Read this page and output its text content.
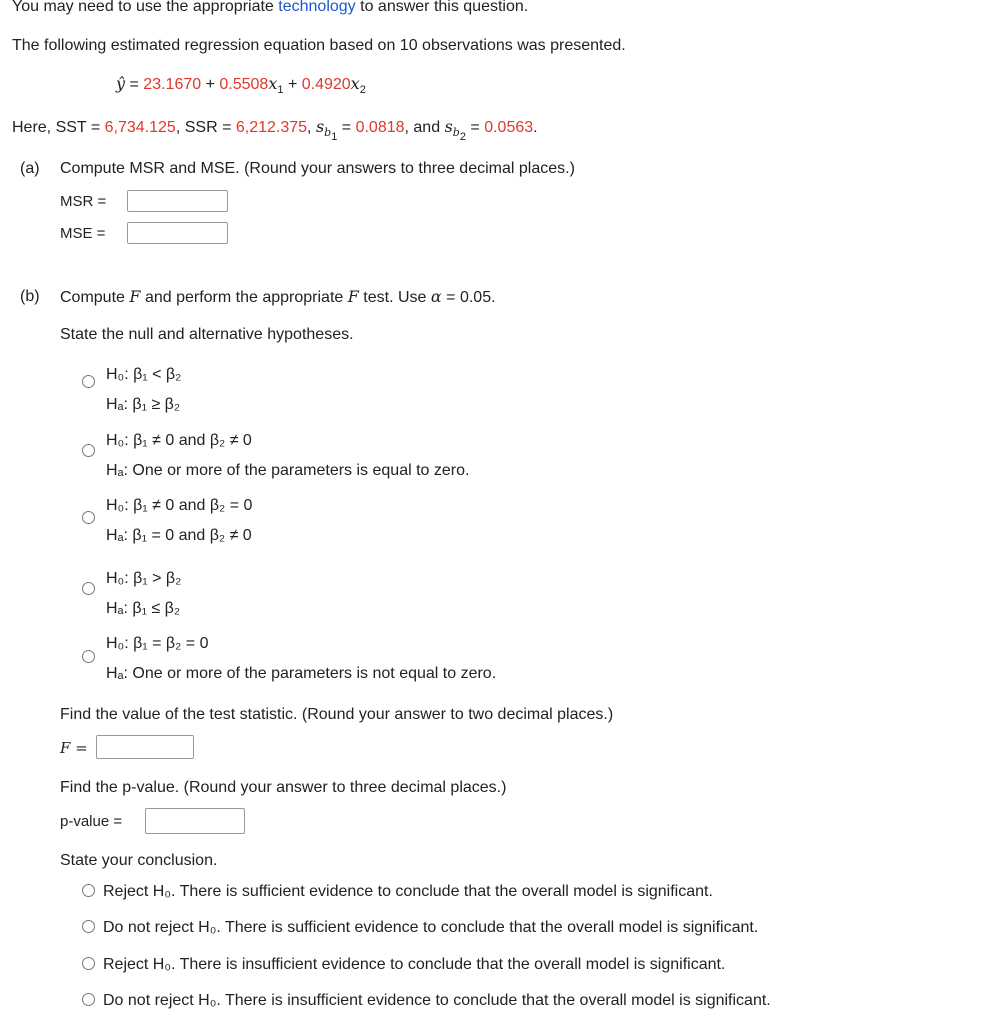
You may need to use the appropriate technology to answer this question.
The following estimated regression equation based on 10 observations was presented.
ŷ = $23.1670 + 0.5508x_1 + 0.4920x_2$
Here, SST = 6,734.125, SSR = 6,212.375, $s_{b_1} = 0.0818$, and $s_{b_2} = 0.0563$.
(a) Compute MSR and MSE. (Round your answers to three decimal places.)
MSR =
MSE =
(b) Compute F and perform the appropriate F test. Use α = 0.05.
State the null and alternative hypotheses.
H₀: β₁ < β₂
Hₐ: β₁ ≥ β₂
H₀: β₁ ≠ 0 and β₂ ≠ 0
Hₐ: One or more of the parameters is equal to zero.
H₀: β₁ ≠ 0 and β₂ = 0
Hₐ: β₁ = 0 and β₂ ≠ 0
H₀: β₁ > β₂
Hₐ: β₁ ≤ β₂
H₀: β₁ = β₂ = 0
Hₐ: One or more of the parameters is not equal to zero.
Find the value of the test statistic. (Round your answer to two decimal places.)
F =
Find the p-value. (Round your answer to three decimal places.)
p-value =
State your conclusion.
Reject H₀. There is sufficient evidence to conclude that the overall model is significant.
Do not reject H₀. There is sufficient evidence to conclude that the overall model is significant.
Reject H₀. There is insufficient evidence to conclude that the overall model is significant.
Do not reject H₀. There is insufficient evidence to conclude that the overall model is significant.
